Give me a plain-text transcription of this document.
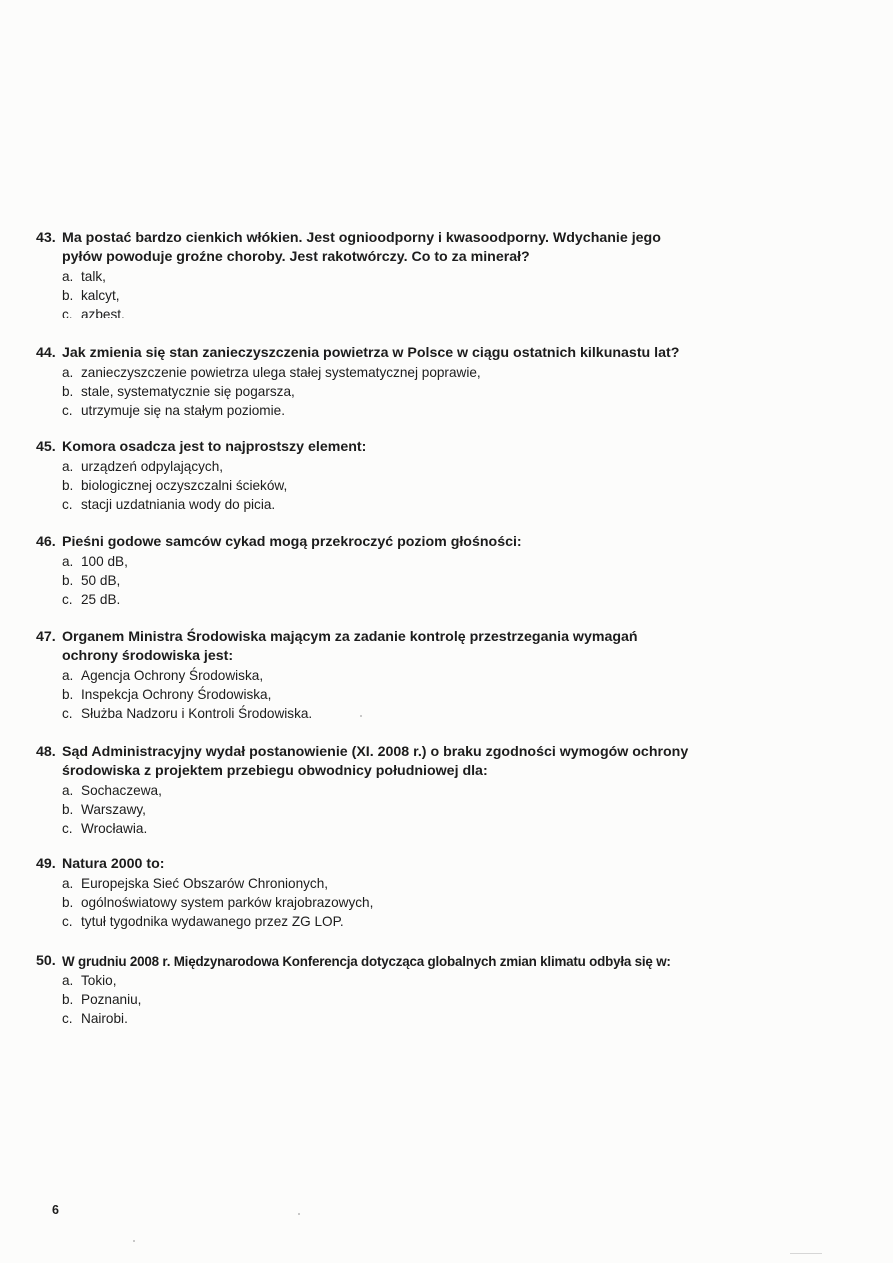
43. Ma postać bardzo cienkich włókien. Jest ognioodporny i kwasoodporny. Wdychanie jego pyłów powoduje groźne choroby. Jest rakotwórczy. Co to za minerał?
a. talk,
b. kalcyt,
c. azbest.
44. Jak zmienia się stan zanieczyszczenia powietrza w Polsce w ciągu ostatnich kilkunastu lat?
a. zanieczyszczenie powietrza ulega stałej systematycznej poprawie,
b. stale, systematycznie się pogarsza,
c. utrzymuje się na stałym poziomie.
45. Komora osadcza jest to najprostszy element:
a. urządzeń odpylających,
b. biologicznej oczyszczalni ścieków,
c. stacji uzdatniania wody do picia.
46. Pieśni godowe samców cykad mogą przekroczyć poziom głośności:
a. 100 dB,
b. 50 dB,
c. 25 dB.
47. Organem Ministra Środowiska mającym za zadanie kontrolę przestrzegania wymagań ochrony środowiska jest:
a. Agencja Ochrony Środowiska,
b. Inspekcja Ochrony Środowiska,
c. Służba Nadzoru i Kontroli Środowiska.
48. Sąd Administracyjny wydał postanowienie (XI. 2008 r.) o braku zgodności wymogów ochrony środowiska z projektem przebiegu obwodnicy południowej dla:
a. Sochaczewa,
b. Warszawy,
c. Wrocławia.
49. Natura 2000 to:
a. Europejska Sieć Obszarów Chronionych,
b. ogólnoświatowy system parków krajobrazowych,
c. tytuł tygodnika wydawanego przez ZG LOP.
50. W grudniu 2008 r. Międzynarodowa Konferencja dotycząca globalnych zmian klimatu odbyła się w:
a. Tokio,
b. Poznaniu,
c. Nairobi.
6
